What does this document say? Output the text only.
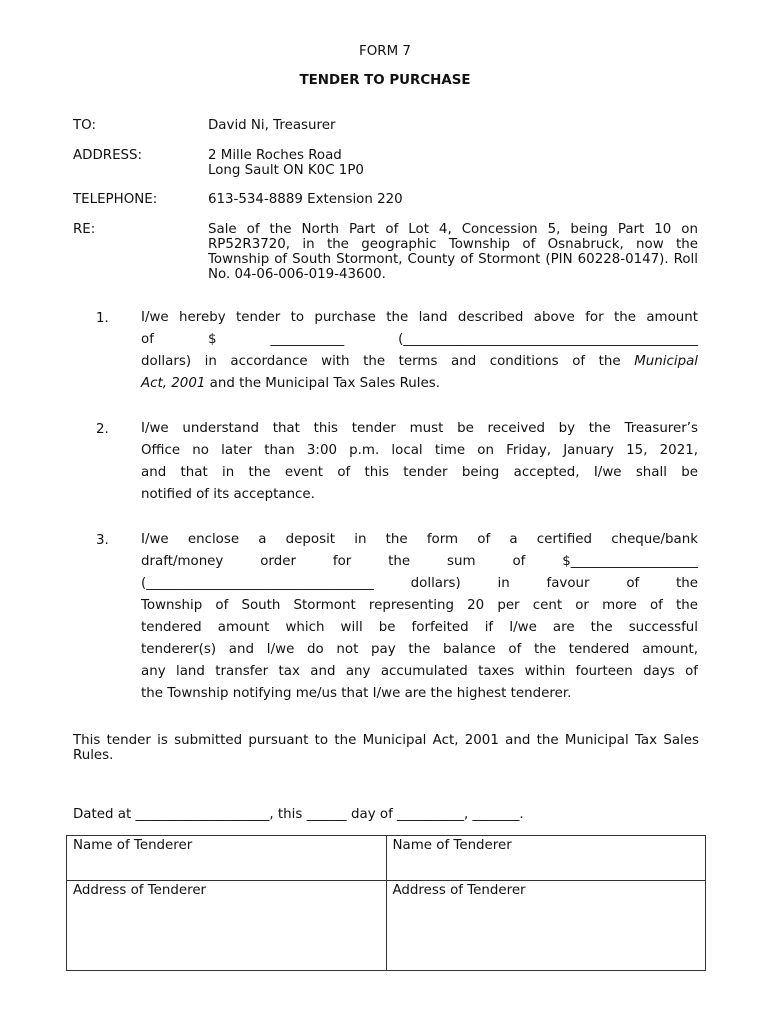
FORM 7
TENDER TO PURCHASE
TO:	David Ni, Treasurer
ADDRESS:	2 Mille Roches Road
Long Sault ON K0C 1P0
TELEPHONE:	613-534-8889 Extension 220
RE:	Sale of the North Part of Lot 4, Concession 5, being Part 10 on RP52R3720, in the geographic Township of Osnabruck, now the Township of South Stormont, County of Stormont (PIN 60228-0147). Roll No. 04-06-006-019-43600.
1. I/we hereby tender to purchase the land described above for the amount
of $ ___________ (____________________________________________
dollars) in accordance with the terms and conditions of the Municipal
Act, 2001 and the Municipal Tax Sales Rules.
2. I/we understand that this tender must be received by the Treasurer’s
Office no later than 3:00 p.m. local time on Friday, January 15, 2021,
and that in the event of this tender being accepted, I/we shall be
notified of its acceptance.
3. I/we enclose a deposit in the form of a certified cheque/bank
draft/money order for the sum of $___________________
(__________________________________ dollars) in favour of the
Township of South Stormont representing 20 per cent or more of the
tendered amount which will be forfeited if I/we are the successful
tenderer(s) and I/we do not pay the balance of the tendered amount,
any land transfer tax and any accumulated taxes within fourteen days of
the Township notifying me/us that I/we are the highest tenderer.
This tender is submitted pursuant to the Municipal Act, 2001 and the Municipal Tax Sales Rules.
Dated at ____________________, this ______ day of __________, _______.
Name of Tenderer	Name of Tenderer
Address of Tenderer	Address of Tenderer
